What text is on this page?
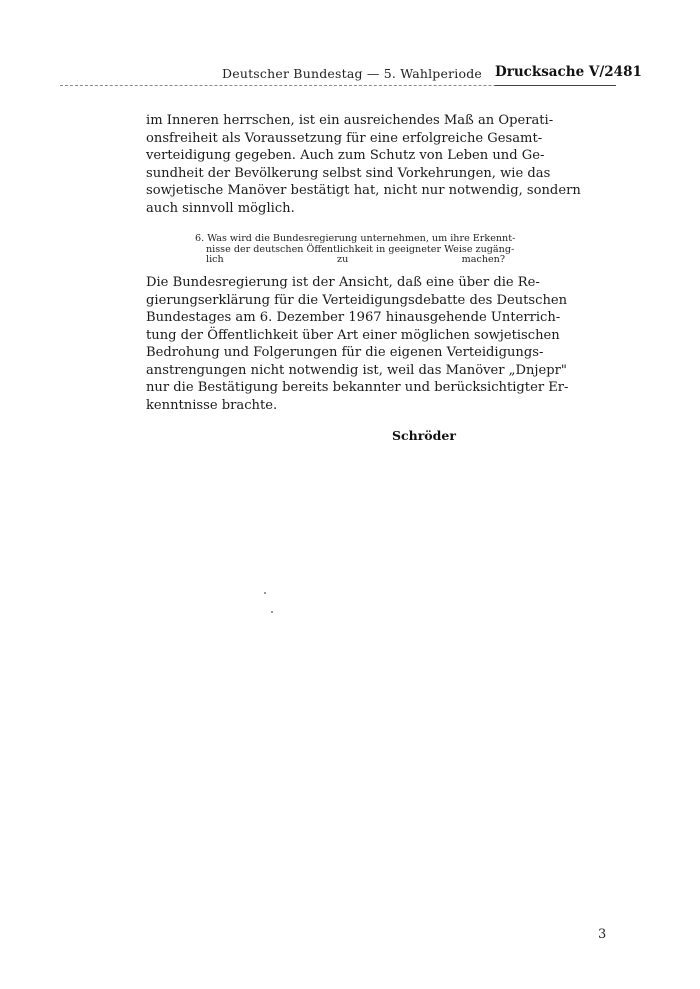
Deutscher Bundestag — 5. Wahlperiode Drucksache V/2481
im Inneren herrschen, ist ein ausreichendes Maß an Operati-
onsfreiheit als Voraussetzung für eine erfolgreiche Gesamt-
verteidigung gegeben. Auch zum Schutz von Leben und Ge-
sundheit der Bevölkerung selbst sind Vorkehrungen, wie das
sowjetische Manöver bestätigt hat, nicht nur notwendig, sondern
auch sinnvoll möglich.
6. Was wird die Bundesregierung unternehmen, um ihre Erkennt-
nisse der deutschen Öffentlichkeit in geeigneter Weise zugäng-
lich zu machen?
Die Bundesregierung ist der Ansicht, daß eine über die Re-
gierungserklärung für die Verteidigungsdebatte des Deutschen
Bundestages am 6. Dezember 1967 hinausgehende Unterrich-
tung der Öffentlichkeit über Art einer möglichen sowjetischen
Bedrohung und Folgerungen für die eigenen Verteidigungs-
anstrengungen nicht notwendig ist, weil das Manöver „Dnjepr"
nur die Bestätigung bereits bekannter und berücksichtigter Er-
kenntnisse brachte.
Schröder
3
